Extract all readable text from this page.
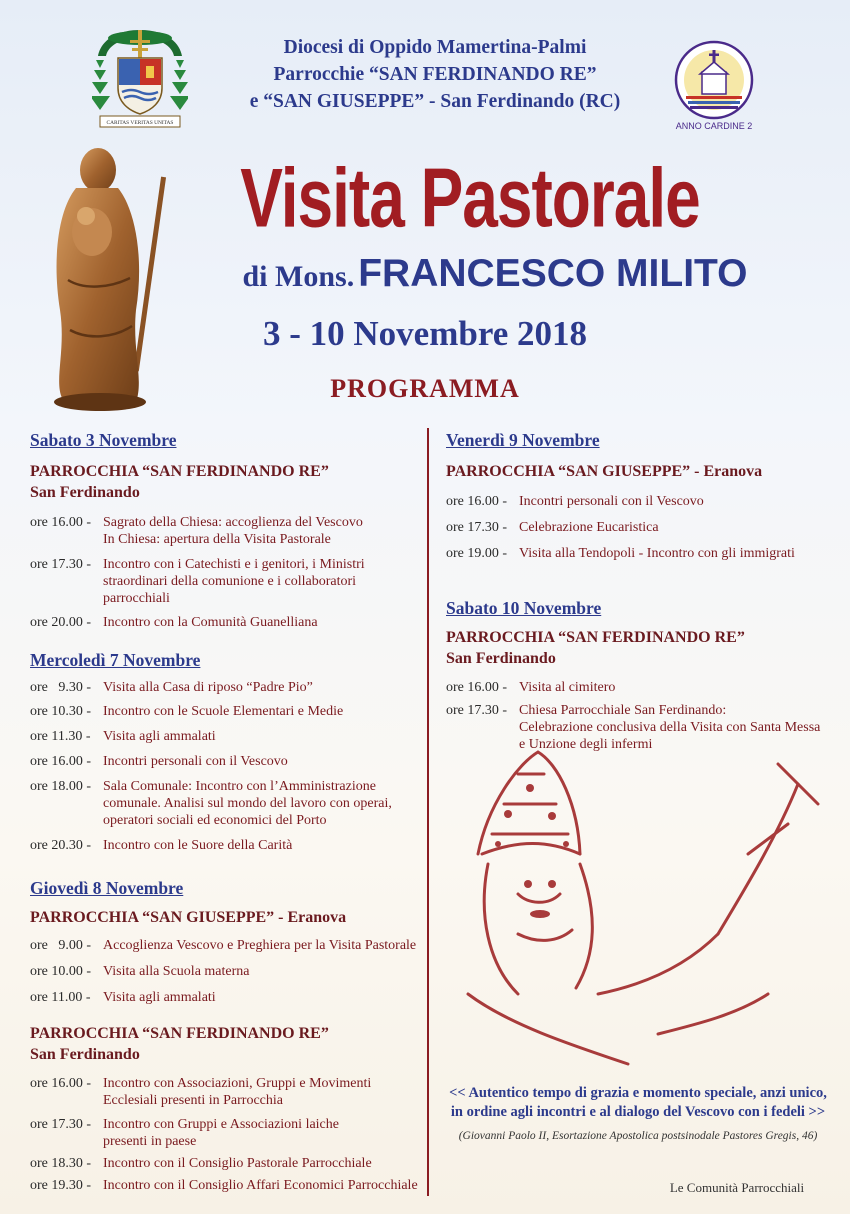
CARITAS VERITAS UNITAS
Diocesi di Oppido Mamertina-Palmi
Parrocchie “SAN FERDINANDO RE”
e “SAN GIUSEPPE” - San Ferdinando (RC)
ANNO CARDINE 2
Visita Pastorale
di Mons. FRANCESCO MILITO
3 - 10 Novembre 2018
PROGRAMMA
Sabato 3 Novembre
PARROCCHIA “SAN FERDINANDO RE”
San Ferdinando
ore 16.00 - Sagrato della Chiesa: accoglienza del Vescovo
In Chiesa: apertura della Visita Pastorale
ore 17.30 - Incontro con i Catechisti e i genitori, i Ministri
straordinari della comunione e i collaboratori
parrocchiali
ore 20.00 - Incontro con la Comunità Guanelliana
Mercoledì 7 Novembre
ore   9.30 - Visita alla Casa di riposo “Padre Pio”
ore 10.30 - Incontro con le Scuole Elementari e Medie
ore 11.30 - Visita agli ammalati
ore 16.00 - Incontri personali con il Vescovo
ore 18.00 - Sala Comunale: Incontro con l’Amministrazione
comunale. Analisi sul mondo del lavoro con operai,
operatori sociali ed economici del Porto
ore 20.30 - Incontro con le Suore della Carità
Giovedì 8 Novembre
PARROCCHIA “SAN GIUSEPPE” - Eranova
ore   9.00 - Accoglienza Vescovo e Preghiera per la Visita Pastorale
ore 10.00 - Visita alla Scuola materna
ore 11.00 - Visita agli ammalati
PARROCCHIA “SAN FERDINANDO RE”
San Ferdinando
ore 16.00 - Incontro con Associazioni, Gruppi e Movimenti
Ecclesiali presenti in Parrocchia
ore 17.30 - Incontro con Gruppi e Associazioni laiche
presenti in paese
ore 18.30 - Incontro con il Consiglio Pastorale Parrocchiale
ore 19.30 - Incontro con il Consiglio Affari Economici Parrocchiale
Venerdì 9 Novembre
PARROCCHIA “SAN GIUSEPPE” - Eranova
ore 16.00 - Incontri personali con il Vescovo
ore 17.30 - Celebrazione Eucaristica
ore 19.00 - Visita alla Tendopoli - Incontro con gli immigrati
Sabato 10 Novembre
PARROCCHIA “SAN FERDINANDO RE”
San Ferdinando
ore 16.00 - Visita al cimitero
ore 17.30 - Chiesa Parrocchiale San Ferdinando:
Celebrazione conclusiva della Visita con Santa Messa
e Unzione degli infermi
<< Autentico tempo di grazia e momento speciale, anzi unico,
in ordine agli incontri e al dialogo del Vescovo con i fedeli >>
(Giovanni Paolo II, Esortazione Apostolica postsinodale Pastores Gregis, 46)
Le Comunità Parrocchiali
